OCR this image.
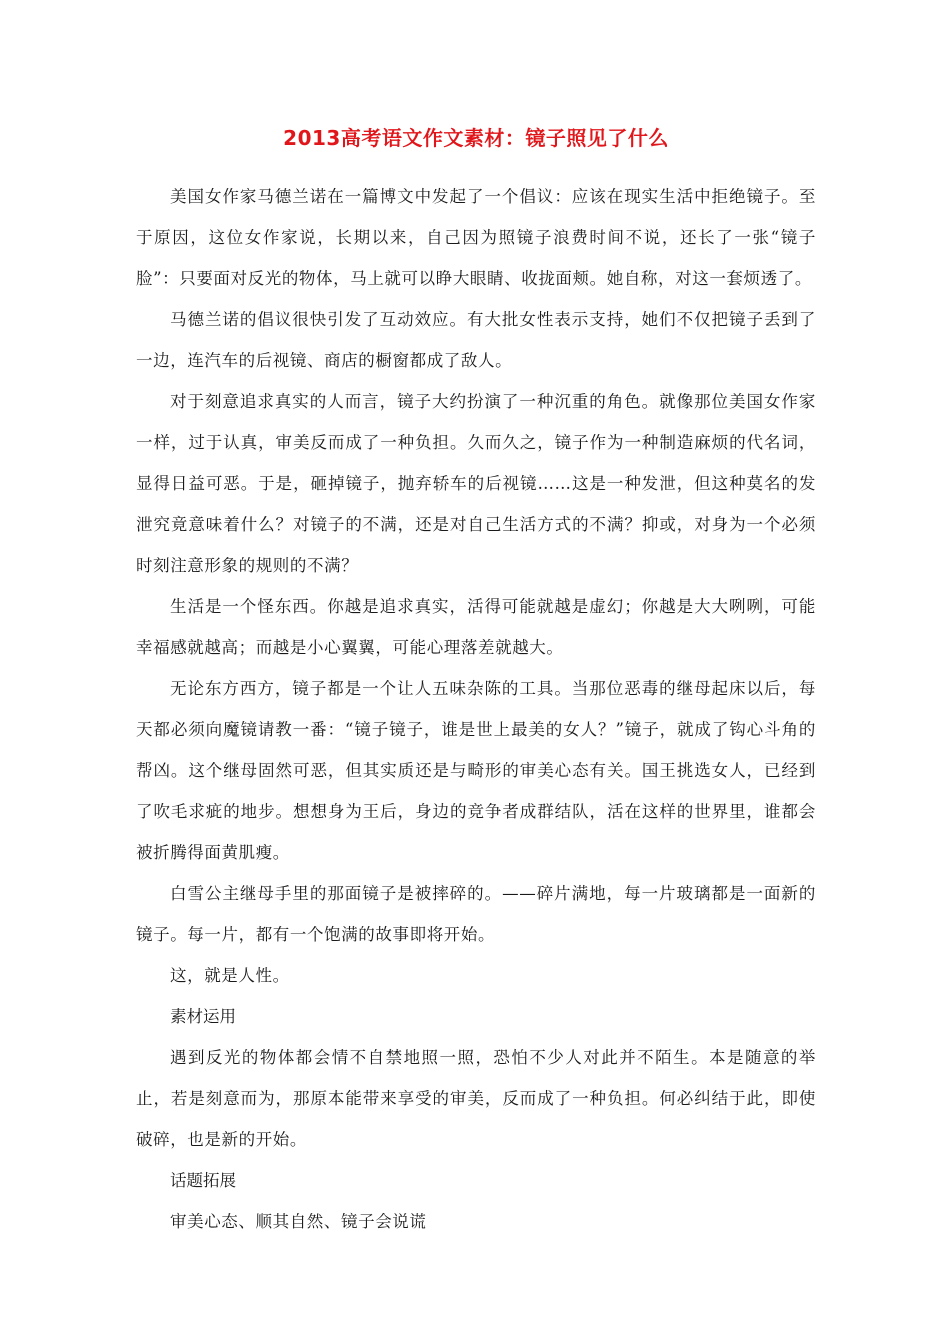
2013高考语文作文素材：镜子照见了什么

美国女作家马德兰诺在一篇博文中发起了一个倡议：应该在现实生活中拒绝镜子。至于原因，这位女作家说，长期以来，自己因为照镜子浪费时间不说，还长了一张“镜子脸”：只要面对反光的物体，马上就可以睁大眼睛、收拢面颊。她自称，对这一套烦透了。

马德兰诺的倡议很快引发了互动效应。有大批女性表示支持，她们不仅把镜子丢到了一边，连汽车的后视镜、商店的橱窗都成了敌人。

对于刻意追求真实的人而言，镜子大约扮演了一种沉重的角色。就像那位美国女作家一样，过于认真，审美反而成了一种负担。久而久之，镜子作为一种制造麻烦的代名词，显得日益可恶。于是，砸掉镜子，抛弃轿车的后视镜……这是一种发泄，但这种莫名的发泄究竟意味着什么？对镜子的不满，还是对自己生活方式的不满？抑或，对身为一个必须时刻注意形象的规则的不满？

生活是一个怪东西。你越是追求真实，活得可能就越是虚幻；你越是大大咧咧，可能幸福感就越高；而越是小心翼翼，可能心理落差就越大。

无论东方西方，镜子都是一个让人五味杂陈的工具。当那位恶毒的继母起床以后，每天都必须向魔镜请教一番：“镜子镜子，谁是世上最美的女人？”镜子，就成了钩心斗角的帮凶。这个继母固然可恶，但其实质还是与畸形的审美心态有关。国王挑选女人，已经到了吹毛求疵的地步。想想身为王后，身边的竞争者成群结队，活在这样的世界里，谁都会被折腾得面黄肌瘦。

白雪公主继母手里的那面镜子是被摔碎的。——碎片满地，每一片玻璃都是一面新的镜子。每一片，都有一个饱满的故事即将开始。

这，就是人性。

素材运用

遇到反光的物体都会情不自禁地照一照，恐怕不少人对此并不陌生。本是随意的举止，若是刻意而为，那原本能带来享受的审美，反而成了一种负担。何必纠结于此，即使破碎，也是新的开始。

话题拓展

审美心态、顺其自然、镜子会说谎
